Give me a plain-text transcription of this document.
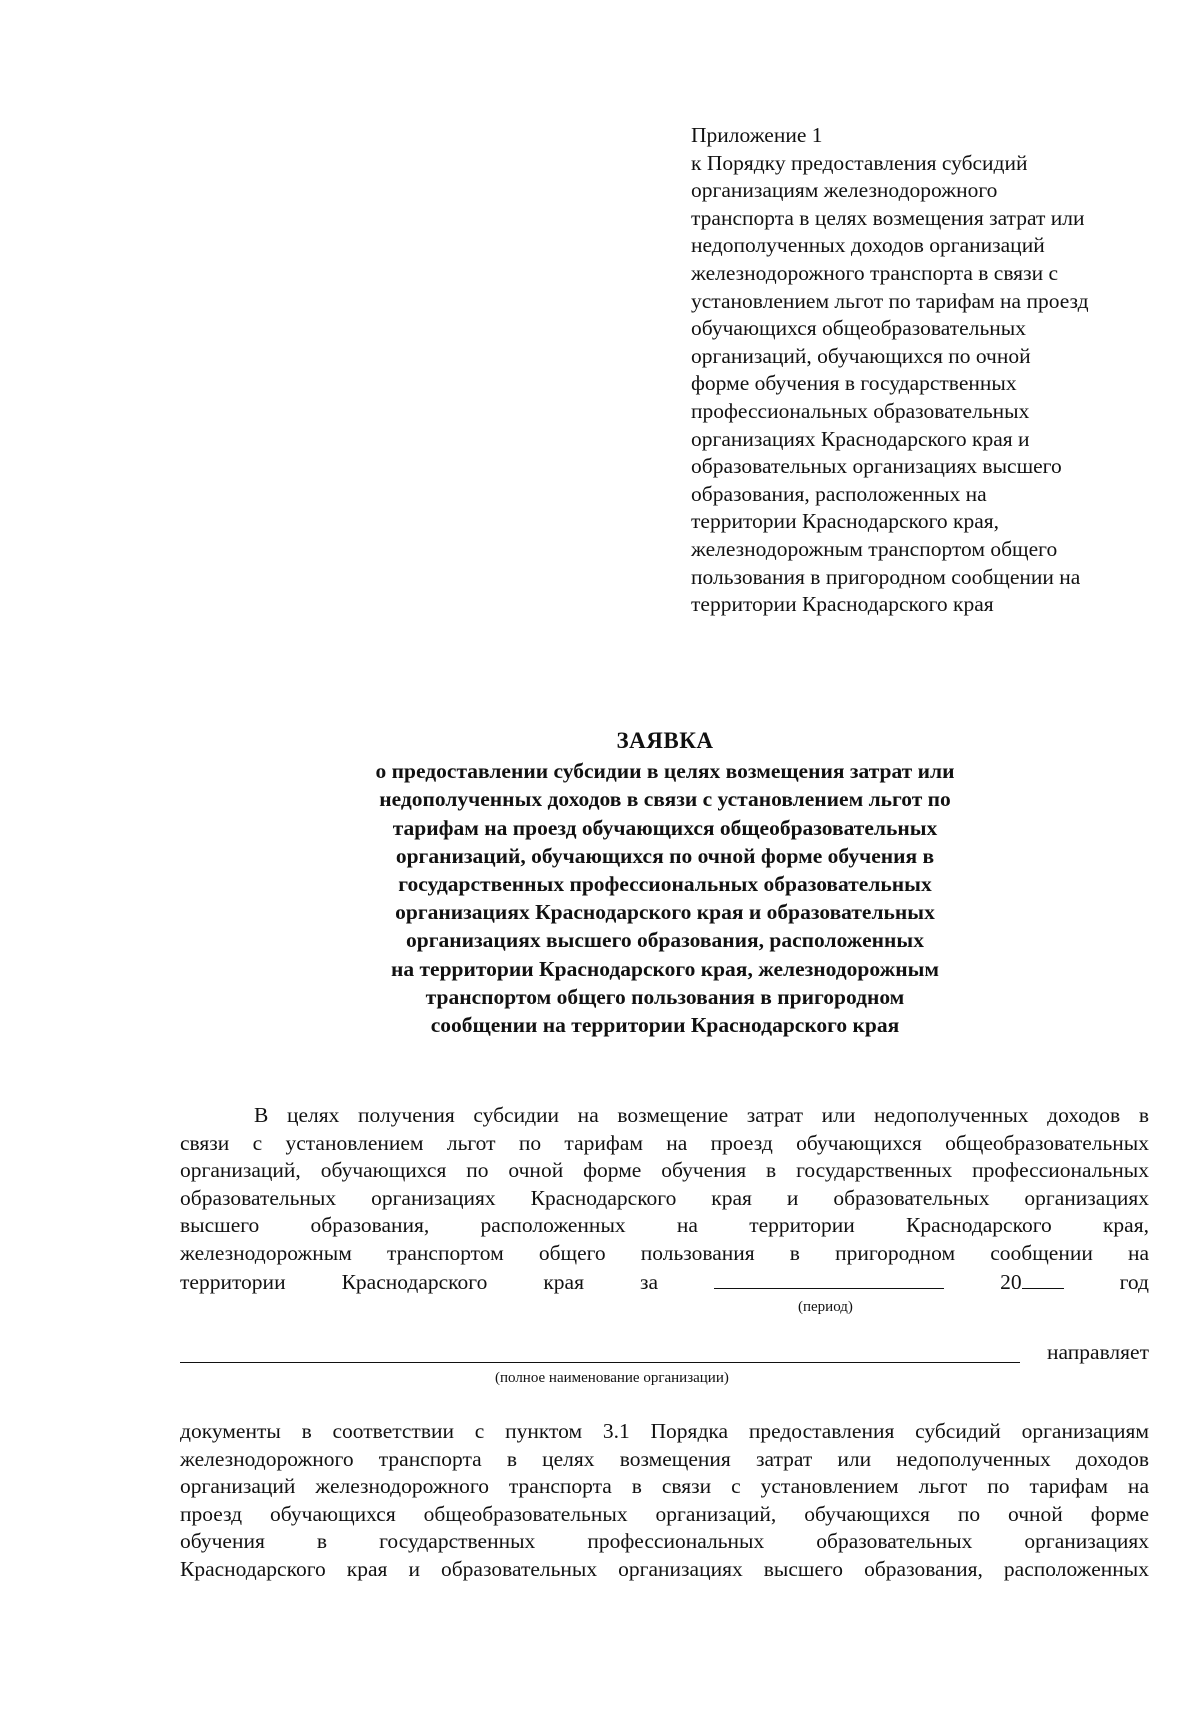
Приложение 1
к Порядку предоставления субсидий
организациям железнодорожного
транспорта в целях возмещения затрат или
недополученных доходов организаций
железнодорожного транспорта в связи с
установлением льгот по тарифам на проезд
обучающихся общеобразовательных
организаций, обучающихся по очной
форме обучения в государственных
профессиональных образовательных
организациях Краснодарского края и
образовательных организациях высшего
образования, расположенных на
территории Краснодарского края,
железнодорожным транспортом общего
пользования в пригородном сообщении на
территории Краснодарского края
ЗАЯВКА
о предоставлении субсидии в целях возмещения затрат или
недополученных доходов в связи с установлением льгот по
тарифам на проезд обучающихся общеобразовательных
организаций, обучающихся по очной форме обучения в
государственных профессиональных образовательных
организациях Краснодарского края и образовательных
организациях высшего образования, расположенных
на территории Краснодарского края, железнодорожным
транспортом общего пользования в пригородном
сообщении на территории Краснодарского края
В целях получения субсидии на возмещение затрат или недополученных доходов в
связи с установлением льгот по тарифам на проезд обучающихся общеобразовательных
организаций, обучающихся по очной форме обучения в государственных профессиональных
образовательных организациях Краснодарского края и образовательных организациях
высшего образования, расположенных на территории Краснодарского края,
железнодорожным транспортом общего пользования в пригородном сообщении на
территории	Краснодарского	края	за	20	год
(период)
направляет
(полное наименование организации)
документы в соответствии с пунктом 3.1 Порядка предоставления субсидий организациям
железнодорожного транспорта в целях возмещения затрат или недополученных доходов
организаций железнодорожного транспорта в связи с установлением льгот по тарифам на
проезд обучающихся общеобразовательных организаций, обучающихся по очной форме
обучения в государственных профессиональных образовательных организациях
Краснодарского края и образовательных организациях высшего образования, расположенных
